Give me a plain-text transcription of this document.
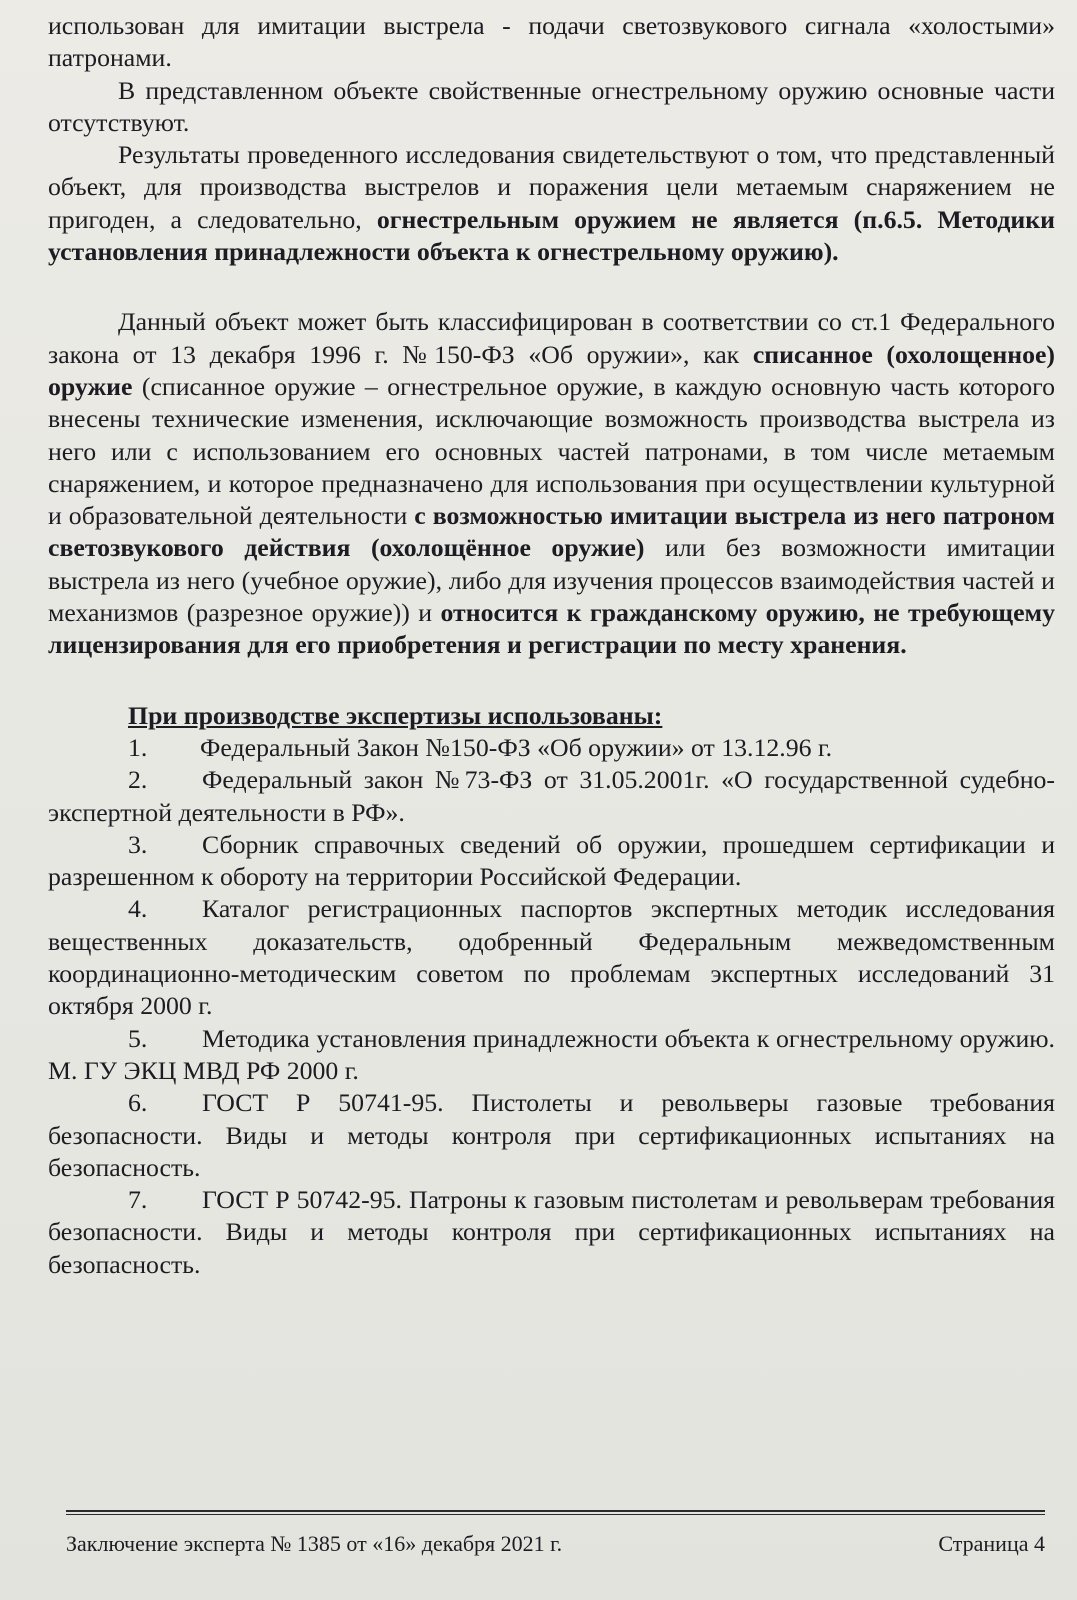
использован для имитации выстрела - подачи светозвукового сигнала «холостыми» патронами.

В представленном объекте свойственные огнестрельному оружию основные части отсутствуют.

Результаты проведенного исследования свидетельствуют о том, что представленный объект, для производства выстрелов и поражения цели метаемым снаряжением не пригоден, а следовательно, огнестрельным оружием не является (п.6.5. Методики установления принадлежности объекта к огнестрельному оружию).

Данный объект может быть классифицирован в соответствии со ст.1 Федерального закона от 13 декабря 1996 г. №150-ФЗ «Об оружии», как списанное (охолощенное) оружие (списанное оружие – огнестрельное оружие, в каждую основную часть которого внесены технические изменения, исключающие возможность производства выстрела из него или с использованием его основных частей патронами, в том числе метаемым снаряжением, и которое предназначено для использования при осуществлении культурной и образовательной деятельности с возможностью имитации выстрела из него патроном светозвукового действия (охолощённое оружие) или без возможности имитации выстрела из него (учебное оружие), либо для изучения процессов взаимодействия частей и механизмов (разрезное оружие)) и относится к гражданскому оружию, не требующему лицензирования для его приобретения и регистрации по месту хранения.

При производстве экспертизы использованы:

1. Федеральный Закон №150-ФЗ «Об оружии» от 13.12.96 г.

2. Федеральный закон №73-ФЗ от 31.05.2001г. «О государственной судебно-экспертной деятельности в РФ».

3. Сборник справочных сведений об оружии, прошедшем сертификации и разрешенном к обороту на территории Российской Федерации.

4. Каталог регистрационных паспортов экспертных методик исследования вещественных доказательств, одобренный Федеральным межведомственным координационно-методическим советом по проблемам экспертных исследований 31 октября 2000 г.

5. Методика установления принадлежности объекта к огнестрельному оружию. М. ГУ ЭКЦ МВД РФ 2000 г.

6. ГОСТ Р 50741-95. Пистолеты и револьверы газовые требования безопасности. Виды и методы контроля при сертификационных испытаниях на безопасность.

7. ГОСТ Р 50742-95. Патроны к газовым пистолетам и револьверам требования безопасности. Виды и методы контроля при сертификационных испытаниях на безопасность.

Заключение эксперта № 1385 от «16» декабря 2021 г.	Страница 4
